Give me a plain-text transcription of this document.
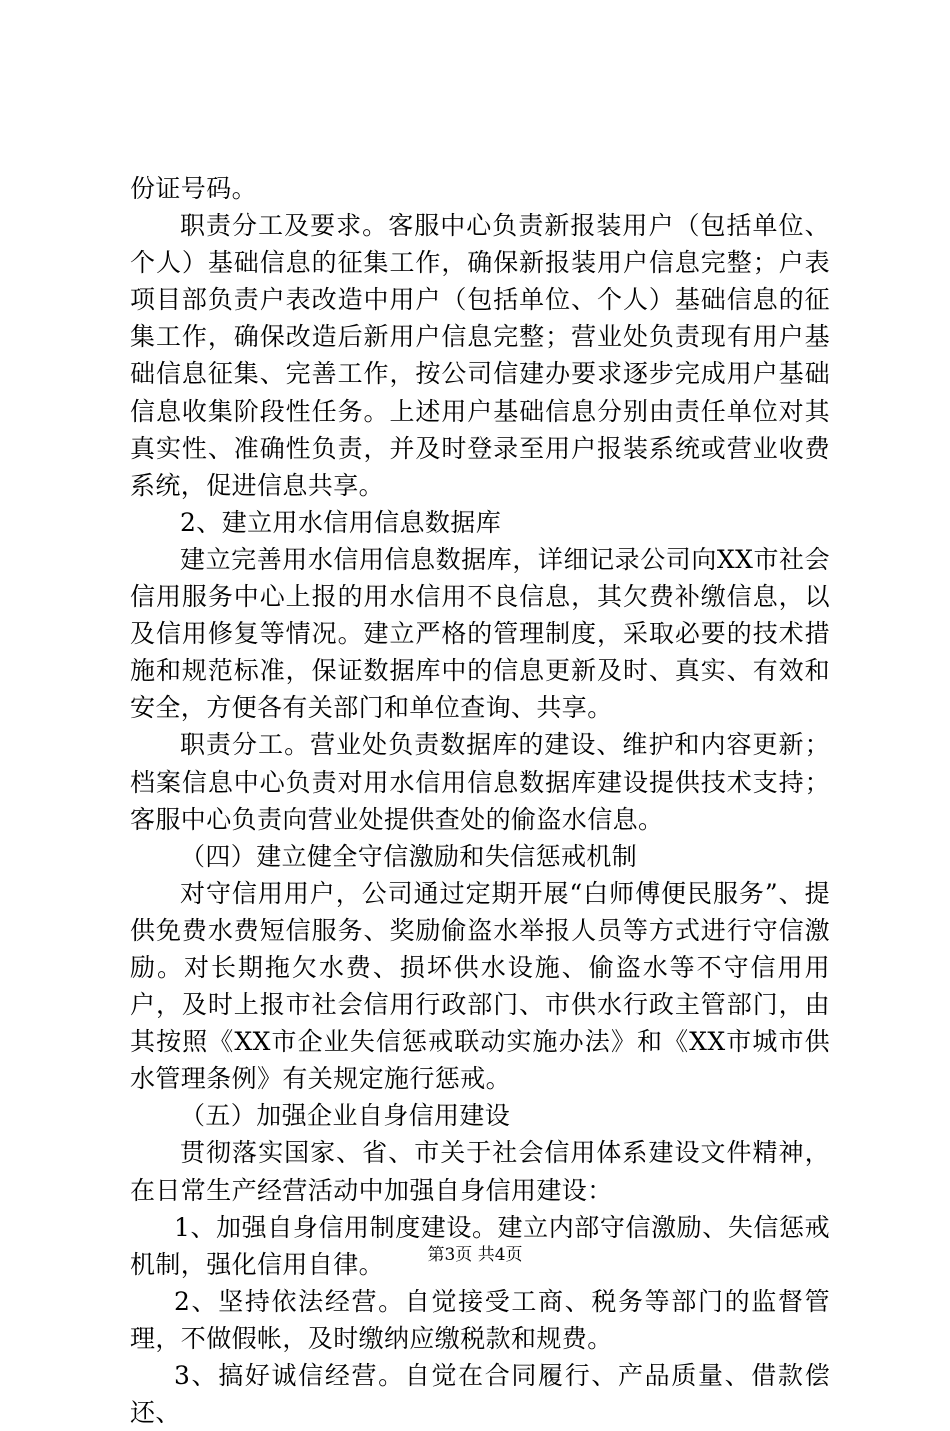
份证号码。

职责分工及要求。客服中心负责新报装用户（包括单位、个人）基础信息的征集工作，确保新报装用户信息完整；户表项目部负责户表改造中用户（包括单位、个人）基础信息的征集工作，确保改造后新用户信息完整；营业处负责现有用户基础信息征集、完善工作，按公司信建办要求逐步完成用户基础信息收集阶段性任务。上述用户基础信息分别由责任单位对其真实性、准确性负责，并及时登录至用户报装系统或营业收费系统，促进信息共享。

2、建立用水信用信息数据库

建立完善用水信用信息数据库，详细记录公司向XX市社会信用服务中心上报的用水信用不良信息，其欠费补缴信息，以及信用修复等情况。建立严格的管理制度，采取必要的技术措施和规范标准，保证数据库中的信息更新及时、真实、有效和安全，方便各有关部门和单位查询、共享。

职责分工。营业处负责数据库的建设、维护和内容更新；档案信息中心负责对用水信用信息数据库建设提供技术支持；客服中心负责向营业处提供查处的偷盗水信息。

（四）建立健全守信激励和失信惩戒机制

对守信用用户，公司通过定期开展“白师傅便民服务”、提供免费水费短信服务、奖励偷盗水举报人员等方式进行守信激励。对长期拖欠水费、损坏供水设施、偷盗水等不守信用用户，及时上报市社会信用行政部门、市供水行政主管部门，由其按照《XX市企业失信惩戒联动实施办法》和《XX市城市供水管理条例》有关规定施行惩戒。

（五）加强企业自身信用建设

贯彻落实国家、省、市关于社会信用体系建设文件精神，在日常生产经营活动中加强自身信用建设：

1、加强自身信用制度建设。建立内部守信激励、失信惩戒机制，强化信用自律。

2、坚持依法经营。自觉接受工商、税务等部门的监督管理，不做假帐，及时缴纳应缴税款和规费。

3、搞好诚信经营。自觉在合同履行、产品质量、借款偿还、

第3页 共4页
